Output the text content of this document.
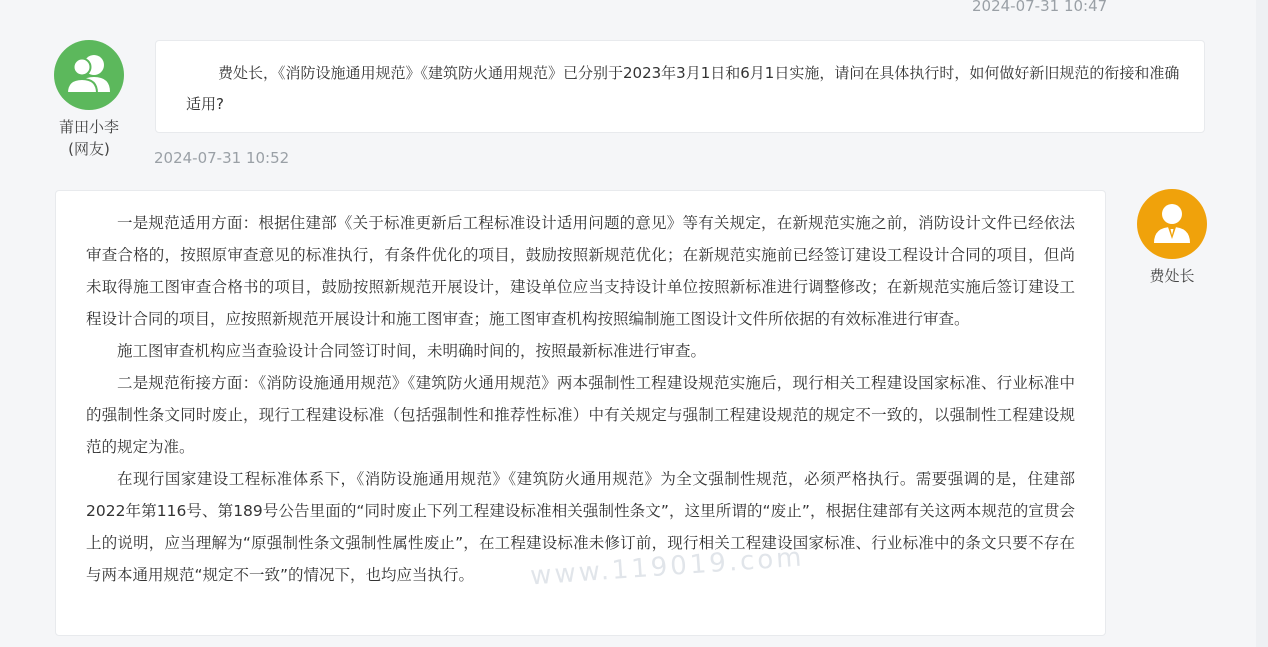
2024-07-31 10:47
莆田小李
(网友)
费处长，《消防设施通用规范》《建筑防火通用规范》已分别于2023年3月1日和6月1日实施，请问在具体执行时，如何做好新旧规范的衔接和准确适用?
2024-07-31 10:52

一是规范适用方面：根据住建部《关于标准更新后工程标准设计适用问题的意见》等有关规定，在新规范实施之前，消防设计文件已经依法审查合格的，按照原审查意见的标准执行，有条件优化的项目，鼓励按照新规范优化；在新规范实施前已经签订建设工程设计合同的项目，但尚未取得施工图审查合格书的项目，鼓励按照新规范开展设计，建设单位应当支持设计单位按照新标准进行调整修改；在新规范实施后签订建设工程设计合同的项目，应按照新规范开展设计和施工图审查；施工图审查机构按照编制施工图设计文件所依据的有效标准进行审查。

施工图审查机构应当查验设计合同签订时间，未明确时间的，按照最新标准进行审查。

二是规范衔接方面：《消防设施通用规范》《建筑防火通用规范》两本强制性工程建设规范实施后，现行相关工程建设国家标准、行业标准中的强制性条文同时废止，现行工程建设标准（包括强制性和推荐性标准）中有关规定与强制工程建设规范的规定不一致的，以强制性工程建设规范的规定为准。

在现行国家建设工程标准体系下，《消防设施通用规范》《建筑防火通用规范》为全文强制性规范，必须严格执行。需要强调的是，住建部2022年第116号、第189号公告里面的“同时废止下列工程建设标准相关强制性条文”，这里所谓的“废止”，根据住建部有关这两本规范的宣贯会上的说明，应当理解为“原强制性条文强制性属性废止”，在工程建设标准未修订前，现行相关工程建设国家标准、行业标准中的条文只要不存在与两本通用规范“规定不一致”的情况下，也均应当执行。	www.119019.com
费处长
